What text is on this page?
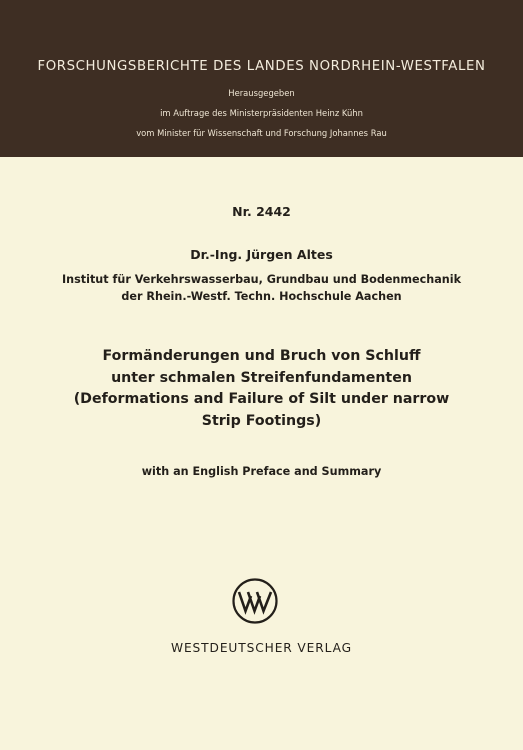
FORSCHUNGSBERICHTE DES LANDES NORDRHEIN-WESTFALEN
Herausgegeben
im Auftrage des Ministerpräsidenten Heinz Kühn
vom Minister für Wissenschaft und Forschung Johannes Rau
Nr. 2442
Dr.-Ing. Jürgen Altes
Institut für Verkehrswasserbau, Grundbau und Bodenmechanik
der Rhein.-Westf. Techn. Hochschule Aachen
Formänderungen und Bruch von Schluff
unter schmalen Streifenfundamenten
(Deformations and Failure of Silt under narrow
Strip Footings)
with an English Preface and Summary
WESTDEUTSCHER VERLAG
